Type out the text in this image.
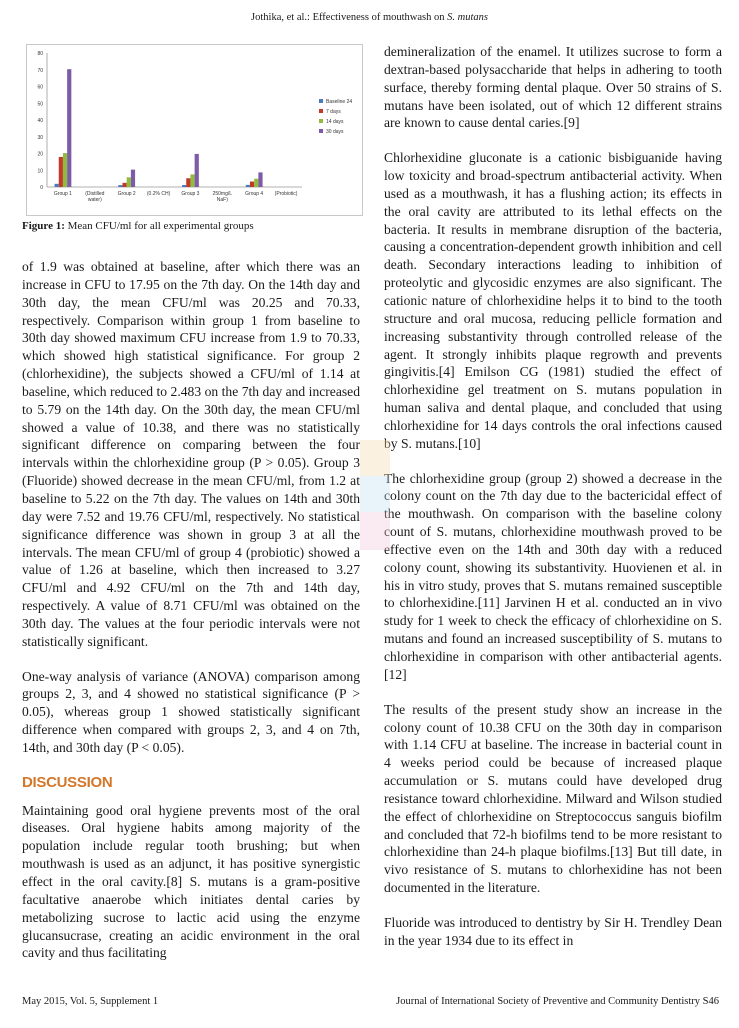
Jothika, et al.: Effectiveness of mouthwash on S. mutans
0
10
20
30
40
50
60
70
80
Group 1	(Distilled water)
Group 2 (0.2% CH) Group 3	250mg/L NaF)
Group 4 (Probiotic)
Baseline 24
7 days
14 days
30 days
Figure 1: Mean CFU/ml for all experimental groups

of 1.9 was obtained at baseline, after which there was an increase in CFU to 17.95 on the 7th day. On the 14th day and 30th day, the mean CFU/ml was 20.25 and 70.33, respectively. Comparison within group 1 from baseline to 30th day showed maximum CFU increase from 1.9 to 70.33, which showed high statistical significance. For group 2 (chlorhexidine), the subjects showed a CFU/ml of 1.14 at baseline, which reduced to 2.483 on the 7th day and increased to 5.79 on the 14th day. On the 30th day, the mean CFU/ml showed a value of 10.38, and there was no statistically significant difference on comparing between the four intervals within the chlorhexidine group (P > 0.05). Group 3 (Fluoride) showed decrease in the mean CFU/ml, from 1.2 at baseline to 5.22 on the 7th day. The values on 14th and 30th day were 7.52 and 19.76 CFU/ml, respectively. No statistical significance difference was shown in group 3 at all the intervals. The mean CFU/ml of group 4 (probiotic) showed a value of 1.26 at baseline, which then increased to 3.27 CFU/ml and 4.92 CFU/ml on the 7th and 14th day, respectively. A value of 8.71 CFU/ml was obtained on the 30th day. The values at the four periodic intervals were not statistically significant.

One-way analysis of variance (ANOVA) comparison among groups 2, 3, and 4 showed no statistical significance (P > 0.05), whereas group 1 showed statistically significant difference when compared with groups 2, 3, and 4 on 7th, 14th, and 30th day (P < 0.05).

DISCUSSION

Maintaining good oral hygiene prevents most of the oral diseases. Oral hygiene habits among majority of the population include regular tooth brushing; but when mouthwash is used as an adjunct, it has positive synergistic effect in the oral cavity.[8] S. mutans is a gram-positive facultative anaerobe which initiates dental caries by metabolizing sucrose to lactic acid using the enzyme glucansucrase, creating an acidic environment in the oral cavity and thus facilitating

demineralization of the enamel. It utilizes sucrose to form a dextran-based polysaccharide that helps in adhering to tooth surface, thereby forming dental plaque. Over 50 strains of S. mutans have been isolated, out of which 12 different strains are known to cause dental caries.[9]

Chlorhexidine gluconate is a cationic bisbiguanide having low toxicity and broad-spectrum antibacterial activity. When used as a mouthwash, it has a flushing action; its effects in the oral cavity are attributed to its lethal effects on the bacteria. It results in membrane disruption of the bacteria, causing a concentration-dependent growth inhibition and cell death. Secondary interactions leading to inhibition of proteolytic and glycosidic enzymes are also significant. The cationic nature of chlorhexidine helps it to bind to the tooth structure and oral mucosa, reducing pellicle formation and increasing substantivity through controlled release of the agent. It strongly inhibits plaque regrowth and prevents gingivitis.[4] Emilson CG (1981) studied the effect of chlorhexidine gel treatment on S. mutans population in human saliva and dental plaque, and concluded that using chlorhexidine for 14 days controls the oral infections caused by S. mutans.[10]

The chlorhexidine group (group 2) showed a decrease in the colony count on the 7th day due to the bactericidal effect of the mouthwash. On comparison with the baseline colony count of S. mutans, chlorhexidine mouthwash proved to be effective even on the 14th and 30th day with a reduced colony count, showing its substantivity. Huovienen et al. in his in vitro study, proves that S. mutans remained susceptible to chlorhexidine.[11] Jarvinen H et al. conducted an in vivo study for 1 week to check the efficacy of chlorhexidine on S. mutans and found an increased susceptibility of S. mutans to chlorhexidine in comparison with other antibacterial agents.[12]

The results of the present study show an increase in the colony count of 10.38 CFU on the 30th day in comparison with 1.14 CFU at baseline. The increase in bacterial count in 4 weeks period could be because of increased plaque accumulation or S. mutans could have developed drug resistance toward chlorhexidine. Milward and Wilson studied the effect of chlorhexidine on Streptococcus sanguis biofilm and concluded that 72-h biofilms tend to be more resistant to chlorhexidine than 24-h plaque biofilms.[13] But till date, in vivo resistance of S. mutans to chlorhexidine has not been documented in the literature.

Fluoride was introduced to dentistry by Sir H. Trendley Dean in the year 1934 due to its effect in

May 2015, Vol. 5, Supplement 1	Journal of International Society of Preventive and Community Dentistry S46
